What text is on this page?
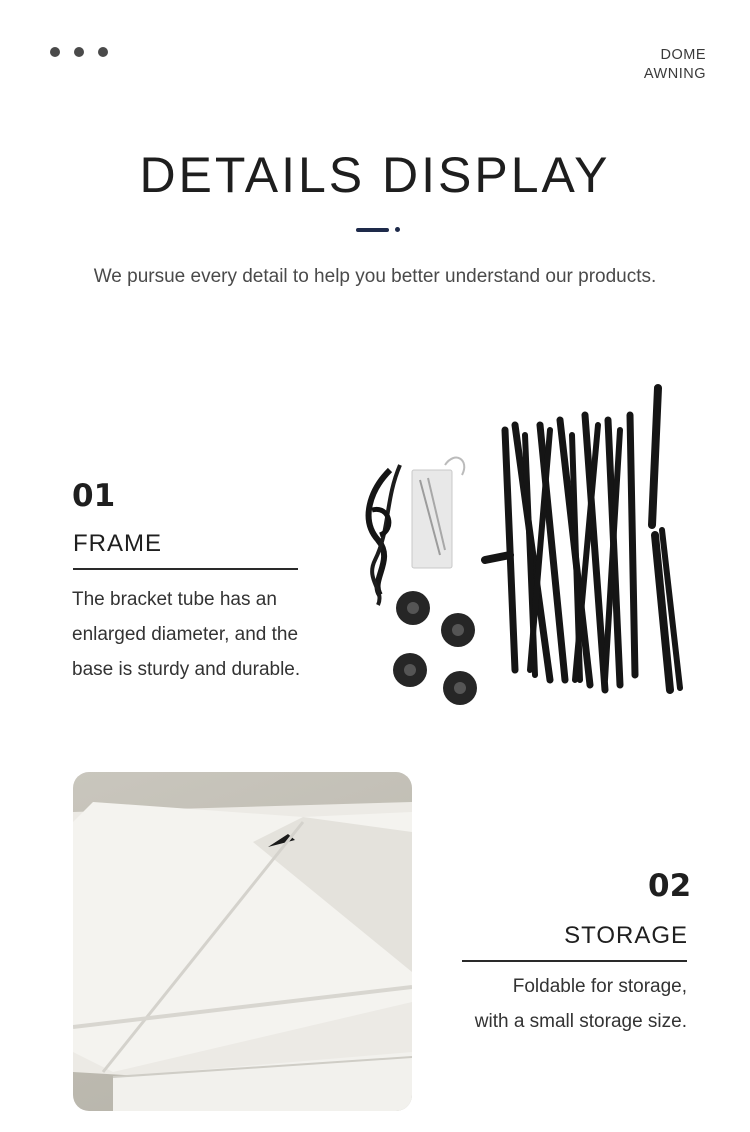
DOME
AWNING
DETAILS DISPLAY

We pursue every detail to help you better understand our products.

01

FRAME

The bracket tube has an
enlarged diameter, and the
base is sturdy and durable.

02

STORAGE

Foldable for storage,
with a small storage size.
